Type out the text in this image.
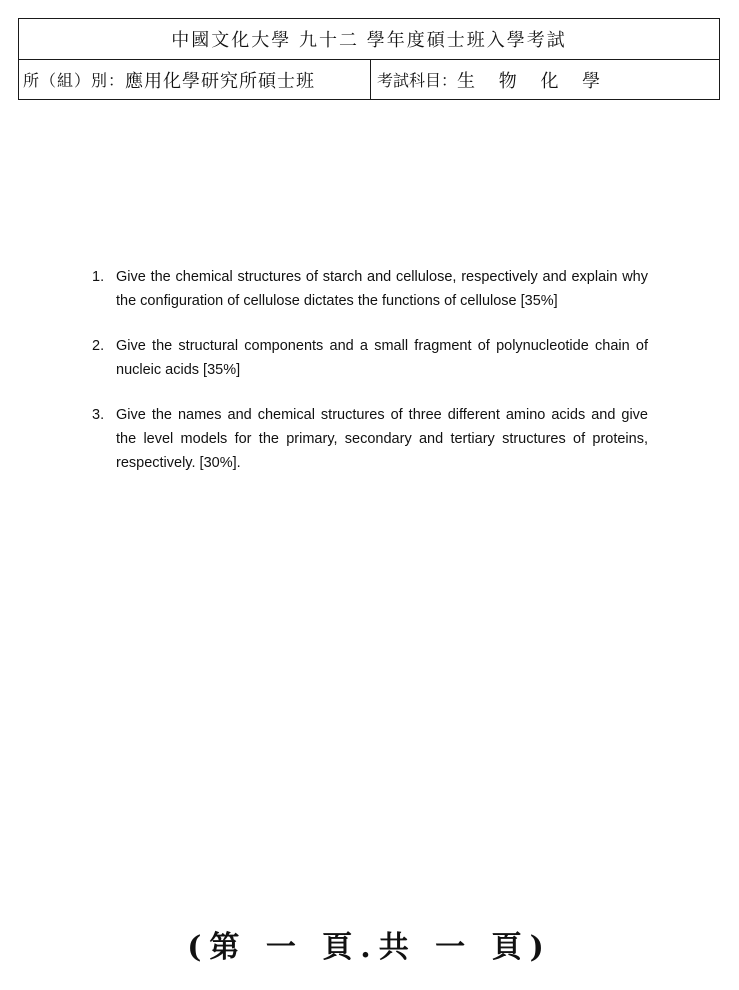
中國文化大學 九十二 學年度碩士班入學考試
所（組）別： 應用化學研究所碩士班	考試科目： 生 物 化 學
1. Give the chemical structures of starch and cellulose, respectively and explain why the configuration of cellulose dictates the functions of cellulose [35%]
2. Give the structural components and a small fragment of polynucleotide chain of nucleic acids [35%]
3. Give the names and chemical structures of three different amino acids and give the level models for the primary, secondary and tertiary structures of proteins, respectively. [30%].
(第 一 頁.共 一 頁)
